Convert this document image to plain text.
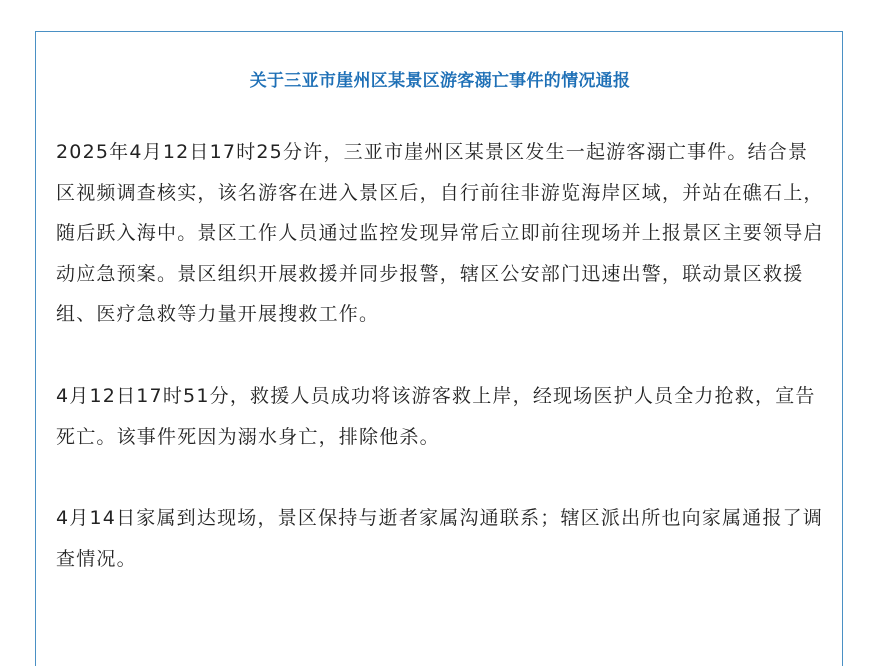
关于三亚市崖州区某景区游客溺亡事件的情况通报

2025年4月12日17时25分许，三亚市崖州区某景区发生一起游客溺亡事件。结合景区视频调查核实，该名游客在进入景区后，自行前往非游览海岸区域，并站在礁石上，随后跃入海中。景区工作人员通过监控发现异常后立即前往现场并上报景区主要领导启动应急预案。景区组织开展救援并同步报警，辖区公安部门迅速出警，联动景区救援组、医疗急救等力量开展搜救工作。

4月12日17时51分，救援人员成功将该游客救上岸，经现场医护人员全力抢救，宣告死亡。该事件死因为溺水身亡，排除他杀。

4月14日家属到达现场，景区保持与逝者家属沟通联系；辖区派出所也向家属通报了调查情况。
